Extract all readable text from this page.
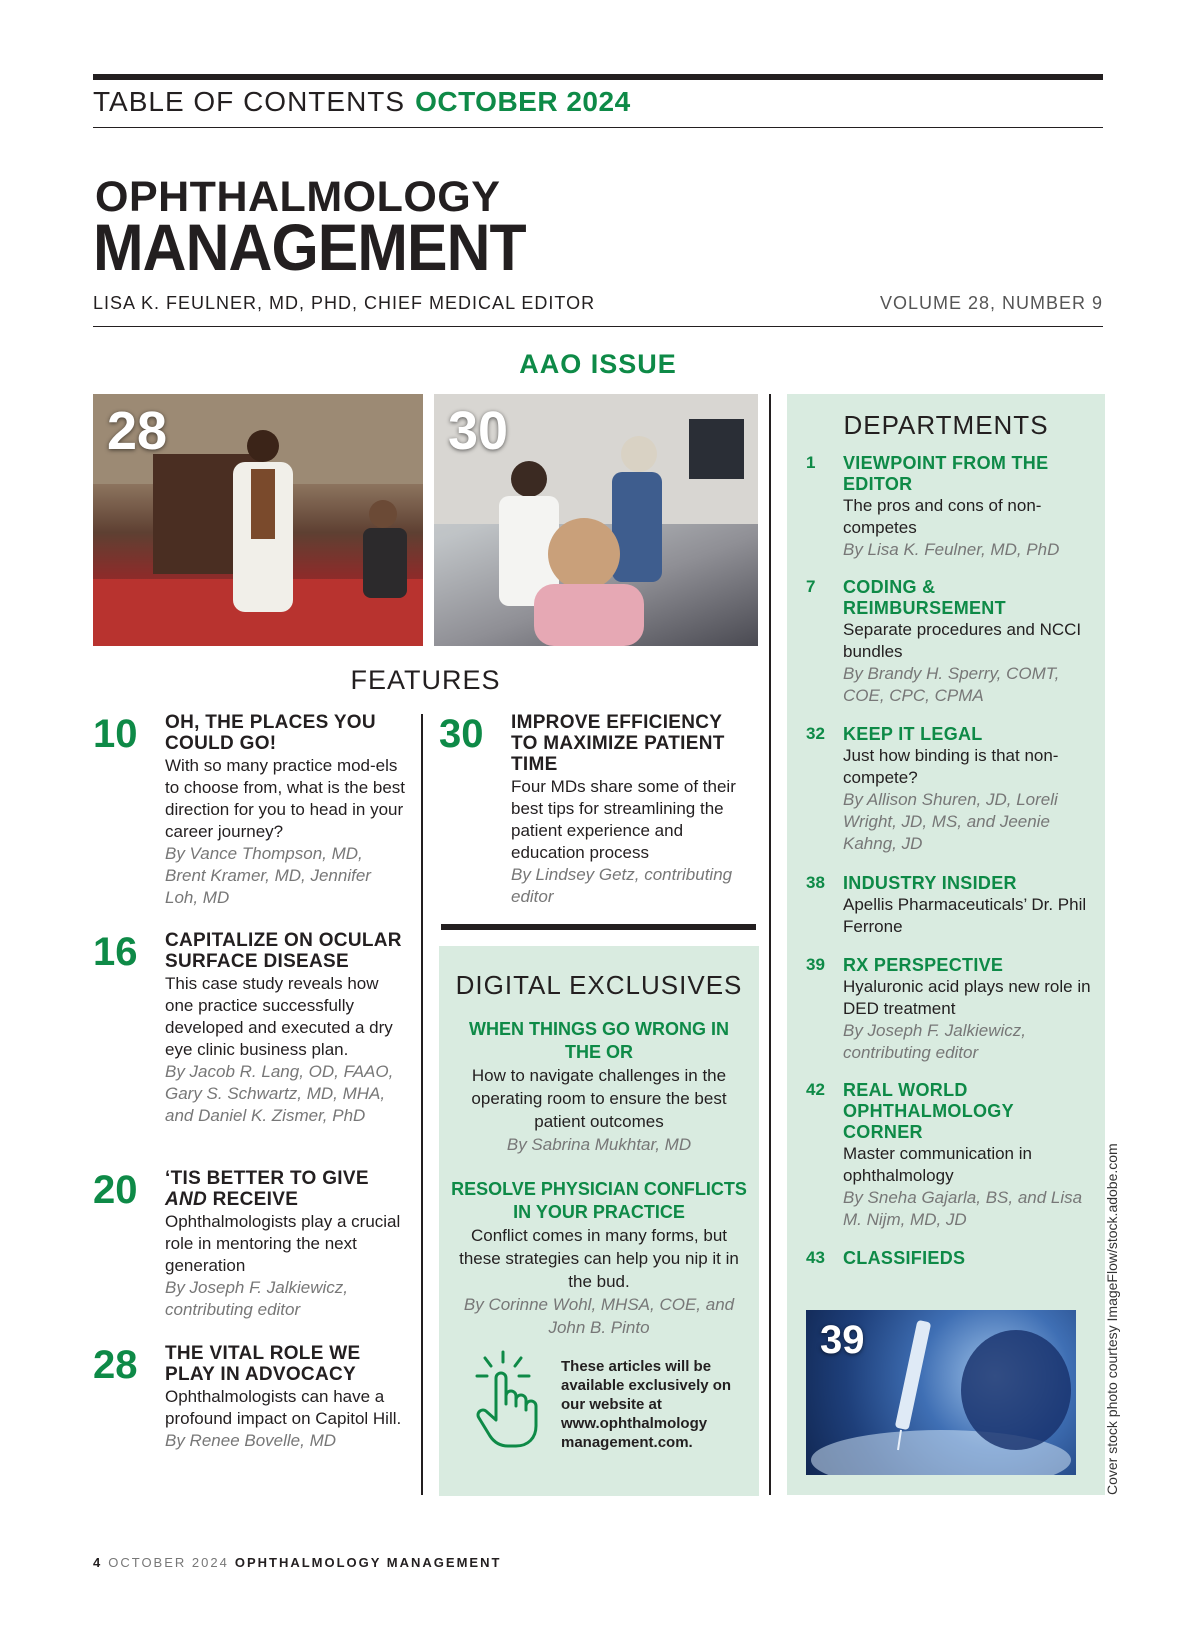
TABLE OF CONTENTS OCTOBER 2024
OPHTHALMOLOGY
MANAGEMENT
LISA K. FEULNER, MD, PHD, CHIEF MEDICAL EDITOR	VOLUME 28, NUMBER 9
AAO ISSUE
28	30
FEATURES
10 OH, THE PLACES YOU COULD GO!
With so many practice mod-els to choose from, what is the best direction for you to head in your career journey?
By Vance Thompson, MD, Brent Kramer, MD, Jennifer Loh, MD
16 CAPITALIZE ON OCULAR SURFACE DISEASE
This case study reveals how one practice successfully developed and executed a dry eye clinic business plan.
By Jacob R. Lang, OD, FAAO, Gary S. Schwartz, MD, MHA, and Daniel K. Zismer, PhD
20 ‘TIS BETTER TO GIVE
AND RECEIVE
Ophthalmologists play a crucial role in mentoring the next generation
By Joseph F. Jalkiewicz, contributing editor
28 THE VITAL ROLE WE PLAY IN ADVOCACY
Ophthalmologists can have a profound impact on Capitol Hill.
By Renee Bovelle, MD
30 IMPROVE EFFICIENCY TO MAXIMIZE PATIENT TIME
Four MDs share some of their best tips for streamlining the patient experience and education process
By Lindsey Getz, contributing editor
DIGITAL EXCLUSIVES
WHEN THINGS GO WRONG IN THE OR
How to navigate challenges in the operating room to ensure the best patient outcomes
By Sabrina Mukhtar, MD
RESOLVE PHYSICIAN CONFLICTS IN YOUR PRACTICE
Conflict comes in many forms, but these strategies can help you nip it in the bud.
By Corinne Wohl, MHSA, COE, and John B. Pinto
These articles will be available exclusively on our website at www.ophthalmology management.com.
DEPARTMENTS
1 VIEWPOINT FROM THE EDITOR
The pros and cons of non-competes
By Lisa K. Feulner, MD, PhD
7 CODING & REIMBURSEMENT
Separate procedures and NCCI bundles
By Brandy H. Sperry, COMT, COE, CPC, CPMA
32 KEEP IT LEGAL
Just how binding is that non-compete?
By Allison Shuren, JD, Loreli Wright, JD, MS, and Jeenie Kahng, JD
38 INDUSTRY INSIDER
Apellis Pharmaceuticals’ Dr. Phil Ferrone
39 RX PERSPECTIVE
Hyaluronic acid plays new role in DED treatment
By Joseph F. Jalkiewicz, contributing editor
42 REAL WORLD OPHTHALMOLOGY CORNER
Master communication in ophthalmology
By Sneha Gajarla, BS, and Lisa M. Nijm, MD, JD
43 CLASSIFIEDS
39	Cover stock photo courtesy ImageFlow/stock.adobe.com
4 OCTOBER 2024 OPHTHALMOLOGY MANAGEMENT
